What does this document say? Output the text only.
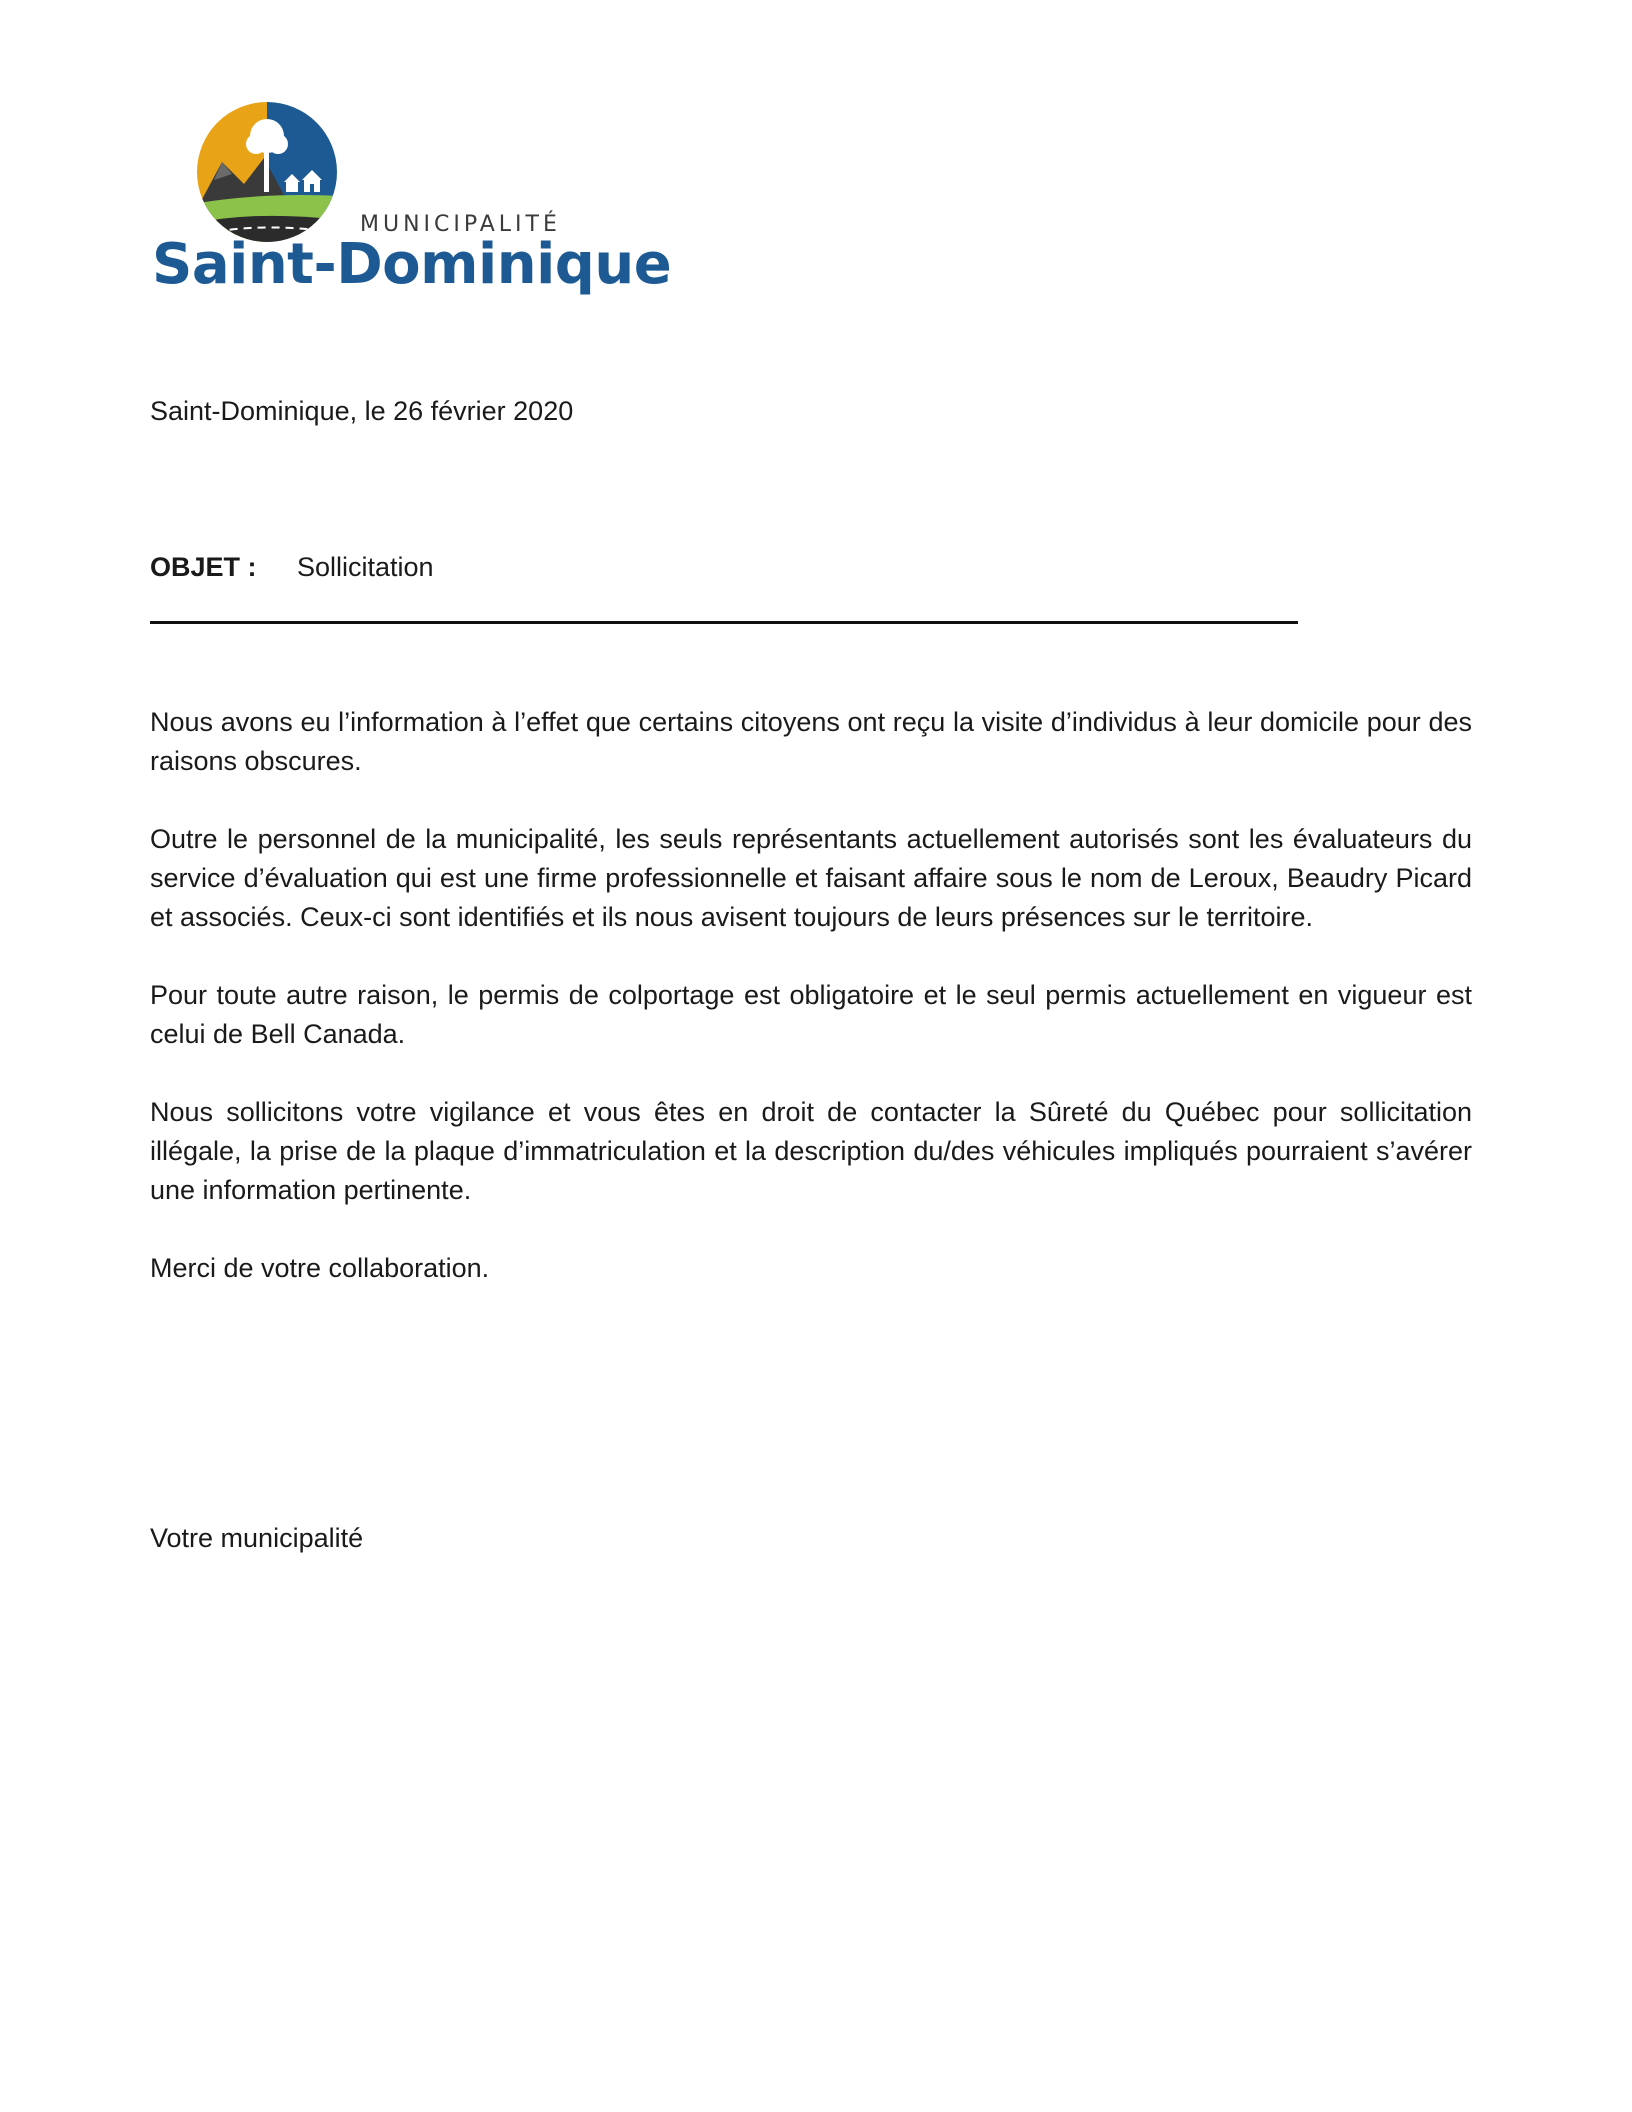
MUNICIPALITÉ
Saint-Dominique
Saint-Dominique, le 26 février 2020
OBJET : Sollicitation

Nous avons eu l’information à l’effet que certains citoyens ont reçu la visite d’individus à leur domicile pour des raisons obscures.

Outre le personnel de la municipalité, les seuls représentants actuellement autorisés sont les évaluateurs du service d’évaluation qui est une firme professionnelle et faisant affaire sous le nom de Leroux, Beaudry Picard et associés. Ceux-ci sont identifiés et ils nous avisent toujours de leurs présences sur le territoire.

Pour toute autre raison, le permis de colportage est obligatoire et le seul permis actuellement en vigueur est celui de Bell Canada.

Nous sollicitons votre vigilance et vous êtes en droit de contacter la Sûreté du Québec pour sollicitation illégale, la prise de la plaque d’immatriculation et la description du/des véhicules impliqués pourraient s’avérer une information pertinente.

Merci de votre collaboration.

Votre municipalité
